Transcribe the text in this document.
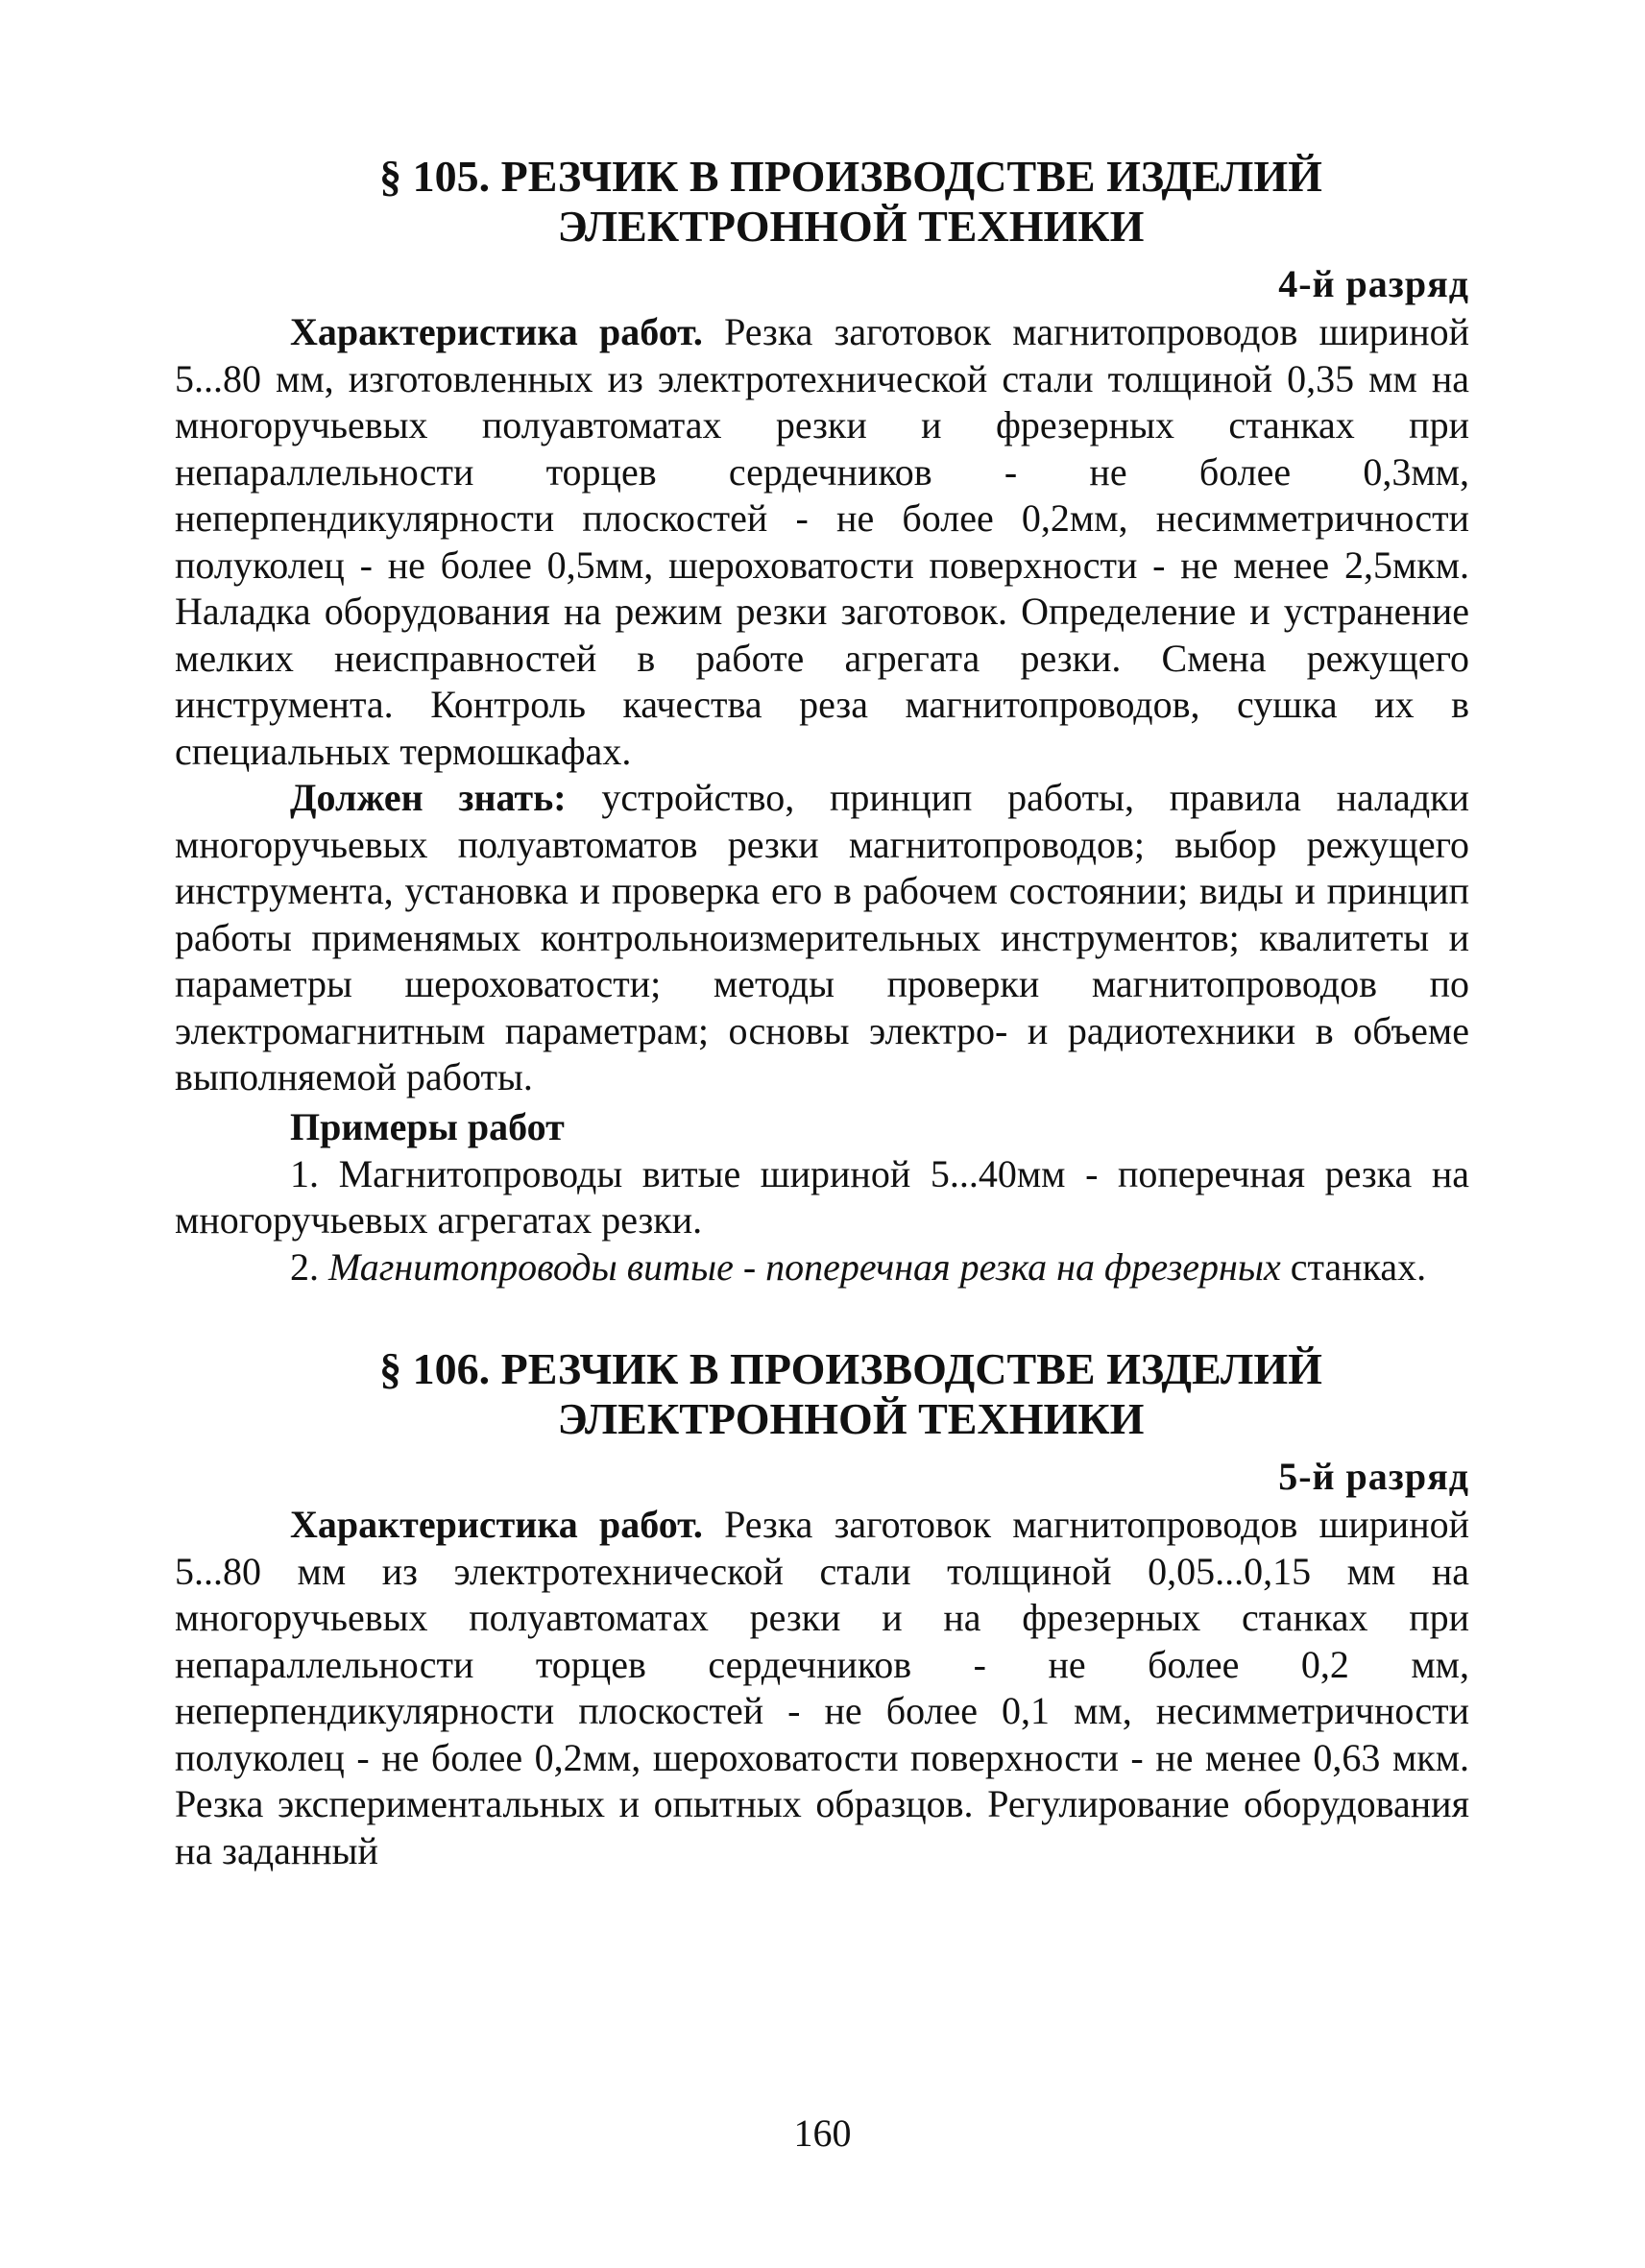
§ 105. РЕЗЧИК В ПРОИЗВОДСТВЕ ИЗДЕЛИЙ
ЭЛЕКТРОННОЙ ТЕХНИКИ

4-й разряд

Характеристика работ. Резка заготовок магнитопроводов шириной 5...80 мм, изготовленных из электротехнической стали толщиной 0,35 мм на многоручьевых полуавтоматах резки и фрезерных станках при непараллельности торцев сердечников - не более 0,3мм, неперпендикулярности плоскостей - не более 0,2мм, несимметричности полуколец - не более 0,5мм, шероховатости поверхности - не менее 2,5мкм. Наладка оборудования на режим резки заготовок. Определение и устранение мелких неисправностей в работе агрегата резки. Смена режущего инструмента. Контроль качества реза магнитопроводов, сушка их в специальных термошкафах.

Должен знать: устройство, принцип работы, правила наладки многоручьевых полуавтоматов резки магнитопроводов; выбор режущего инструмента, установка и проверка его в рабочем состоянии; виды и принцип работы применямых контрольноизмерительных инструментов; квалитеты и параметры шероховатости; методы проверки магнитопроводов по электромагнитным параметрам; основы электро- и радиотехники в объеме выполняемой работы.

Примеры работ

1. Магнитопроводы витые шириной 5...40мм - поперечная резка на многоручьевых агрегатах резки.

2. Магнитопроводы витые - поперечная резка на фрезерных станках.

§ 106. РЕЗЧИК В ПРОИЗВОДСТВЕ ИЗДЕЛИЙ
ЭЛЕКТРОННОЙ ТЕХНИКИ

5-й разряд

Характеристика работ. Резка заготовок магнитопроводов шириной 5...80 мм из электротехнической стали толщиной 0,05...0,15 мм на многоручьевых полуавтоматах резки и на фрезерных станках при непараллельности торцев сердечников - не более 0,2 мм, неперпендикулярности плоскостей - не более 0,1 мм, несимметричности полуколец - не более 0,2мм, шероховатости поверхности - не менее 0,63 мкм. Резка экспериментальных и опытных образцов. Регулирование оборудования на заданный

160
